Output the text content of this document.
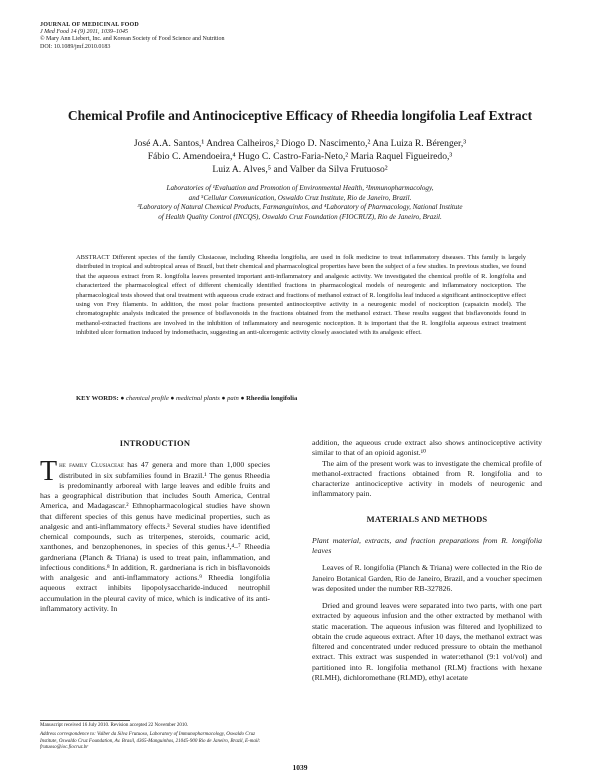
JOURNAL OF MEDICINAL FOOD
J Med Food 14 (9) 2011, 1039–1045
© Mary Ann Liebert, Inc. and Korean Society of Food Science and Nutrition
DOI: 10.1089/jmf.2010.0183
Chemical Profile and Antinociceptive Efficacy of Rheedia longifolia Leaf Extract
José A.A. Santos,¹ Andrea Calheiros,² Diogo D. Nascimento,² Ana Luiza R. Bérenger,³
Fábio C. Amendoeira,⁴ Hugo C. Castro-Faria-Neto,² Maria Raquel Figueiredo,³
Luiz A. Alves,⁵ and Valber da Silva Frutuoso²
Laboratories of ¹Evaluation and Promotion of Environmental Health, ²Immunopharmacology,
and ⁵Cellular Communication, Oswaldo Cruz Institute, Rio de Janeiro, Brazil.
³Laboratory of Natural Chemical Products, Farmanguinhos, and ⁴Laboratory of Pharmacology, National Institute
of Health Quality Control (INCQS), Oswaldo Cruz Foundation (FIOCRUZ), Rio de Janeiro, Brazil.
ABSTRACT Different species of the family Clusiaceae, including Rheedia longifolia, are used in folk medicine to treat inflammatory diseases. This family is largely distributed in tropical and subtropical areas of Brazil, but their chemical and pharmacological properties have been the subject of a few studies. In previous studies, we found that the aqueous extract from R. longifolia leaves presented important anti-inflammatory and analgesic activity. We investigated the chemical profile of R. longifolia and characterized the pharmacological effect of different chemically identified fractions in pharmacological models of neurogenic and inflammatory nociception. The pharmacological tests showed that oral treatment with aqueous crude extract and fractions of methanol extract of R. longifolia leaf induced a significant antinociceptive effect using von Frey filaments. In addition, the most polar fractions presented antinociceptive activity in a neurogenic model of nociception (capsaicin model). The chromatographic analysis indicated the presence of bisflavonoids in the fractions obtained from the methanol extract. These results suggest that bisflavonoids found in methanol-extracted fractions are involved in the inhibition of inflammatory and neurogenic nociception. It is important that the R. longifolia aqueous extract treatment inhibited ulcer formation induced by indomethacin, suggesting an anti-ulcerogenic activity closely associated with its analgesic effect.
KEY WORDS: ● chemical profile ● medicinal plants ● pain ● Rheedia longifolia
INTRODUCTION

The family Clusiaceae has 47 genera and more than 1,000 species distributed in six subfamilies found in Brazil.¹ The genus Rheedia is predominantly arboreal with large leaves and edible fruits and has a geographical distribution that includes South America, Central America, and Madagascar.² Ethnopharmacological studies have shown that different species of this genus have medicinal properties, such as analgesic and anti-inflammatory effects.³ Several studies have identified chemical compounds, such as triterpenes, steroids, coumaric acid, xanthones, and benzophenones, in species of this genus.¹,⁴–⁷ Rheedia gardneriana (Planch & Triana) is used to treat pain, inflammation, and infectious conditions.⁸ In addition, R. gardneriana is rich in bisflavonoids with analgesic and anti-inflammatory actions.⁹ Rheedia longifolia aqueous extract inhibits lipopolysaccharide-induced neutrophil accumulation in the pleural cavity of mice, which is indicative of its anti-inflammatory activity. In

addition, the aqueous crude extract also shows antinociceptive activity similar to that of an opioid agonist.¹⁰

The aim of the present work was to investigate the chemical profile of methanol-extracted fractions obtained from R. longifolia and to characterize antinociceptive activity in models of neurogenic and inflammatory pain.

MATERIALS AND METHODS

Plant material, extracts, and fraction preparations from R. longifolia leaves

Leaves of R. longifolia (Planch & Triana) were collected in the Rio de Janeiro Botanical Garden, Rio de Janeiro, Brazil, and a voucher specimen was deposited under the number RB-327826.

Dried and ground leaves were separated into two parts, with one part extracted by aqueous infusion and the other extracted by methanol with static maceration. The aqueous infusion was filtered and lyophilized to obtain the crude aqueous extract. After 10 days, the methanol extract was filtered and concentrated under reduced pressure to obtain the methanol extract. This extract was suspended in water:ethanol (9:1 vol/vol) and partitioned into R. longifolia methanol (RLM) fractions with hexane (RLMH), dichloromethane (RLMD), ethyl acetate

Manuscript received 16 July 2010. Revision accepted 22 November 2010.
Address correspondence to: Valber da Silva Frutuoso, Laboratory of Immunopharmacology, Oswaldo Cruz Institute, Oswaldo Cruz Foundation, Av. Brasil, 4365-Manguinhos, 21045-900 Rio de Janeiro, Brazil, E-mail: frutuoso@ioc.fiocruz.br
1039
